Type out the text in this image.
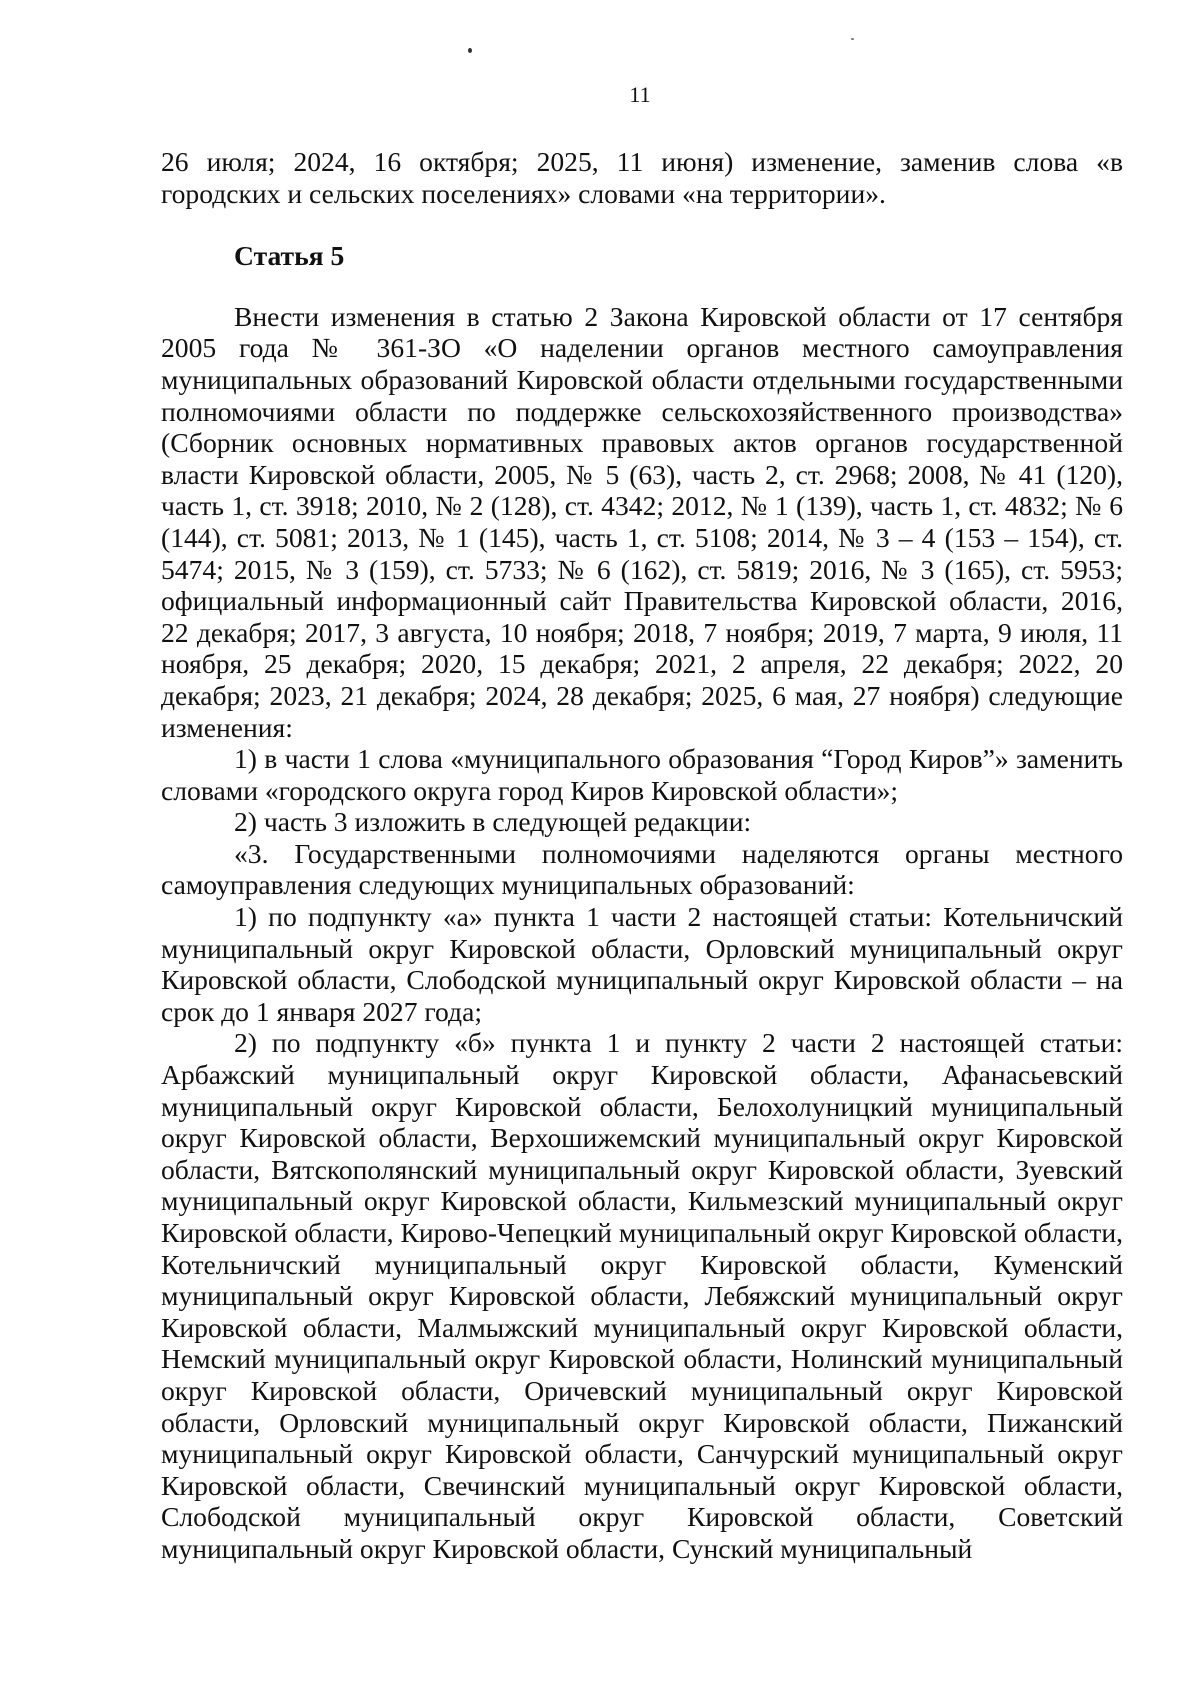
11

26 июля; 2024, 16 октября; 2025, 11 июня) изменение, заменив слова «в городских и сельских поселениях» словами «на территории».

Статья 5

Внести изменения в статью 2 Закона Кировской области от 17 сентября 2005 года № 361-ЗО «О наделении органов местного самоуправления муниципальных образований Кировской области отдельными государственными полномочиями области по поддержке сельскохозяйственного производства» (Сборник основных нормативных правовых актов органов государственной власти Кировской области, 2005, № 5 (63), часть 2, ст. 2968; 2008, № 41 (120), часть 1, ст. 3918; 2010, № 2 (128), ст. 4342; 2012, № 1 (139), часть 1, ст. 4832; № 6 (144), ст. 5081; 2013, № 1 (145), часть 1, ст. 5108; 2014, № 3 – 4 (153 – 154), ст. 5474; 2015, № 3 (159), ст. 5733; № 6 (162), ст. 5819; 2016, № 3 (165), ст. 5953; официальный информационный сайт Правительства Кировской области, 2016, 22 декабря; 2017, 3 августа, 10 ноября; 2018, 7 ноября; 2019, 7 марта, 9 июля, 11 ноября, 25 декабря; 2020, 15 декабря; 2021, 2 апреля, 22 декабря; 2022, 20 декабря; 2023, 21 декабря; 2024, 28 декабря; 2025, 6 мая, 27 ноября) следующие изменения:

1) в части 1 слова «муниципального образования “Город Киров”» заменить словами «городского округа город Киров Кировской области»;

2) часть 3 изложить в следующей редакции:

«3. Государственными полномочиями наделяются органы местного самоуправления следующих муниципальных образований:

1) по подпункту «а» пункта 1 части 2 настоящей статьи: Котельничский муниципальный округ Кировской области, Орловский муниципальный округ Кировской области, Слободской муниципальный округ Кировской области – на срок до 1 января 2027 года;

2) по подпункту «б» пункта 1 и пункту 2 части 2 настоящей статьи: Арбажский муниципальный округ Кировской области, Афанасьевский муниципальный округ Кировской области, Белохолуницкий муниципальный округ Кировской области, Верхошижемский муниципальный округ Кировской области, Вятскополянский муниципальный округ Кировской области, Зуевский муниципальный округ Кировской области, Кильмезский муниципальный округ Кировской области, Кирово-Чепецкий муниципальный округ Кировской области, Котельничский муниципальный округ Кировской области, Куменский муниципальный округ Кировской области, Лебяжский муниципальный округ Кировской области, Малмыжский муниципальный округ Кировской области, Немский муниципальный округ Кировской области, Нолинский муниципальный округ Кировской области, Оричевский муниципальный округ Кировской области, Орловский муниципальный округ Кировской области, Пижанский муниципальный округ Кировской области, Санчурский муниципальный округ Кировской области, Свечинский муниципальный округ Кировской области, Слободской муниципальный округ Кировской области, Советский муниципальный округ Кировской области, Сунский муниципальный
